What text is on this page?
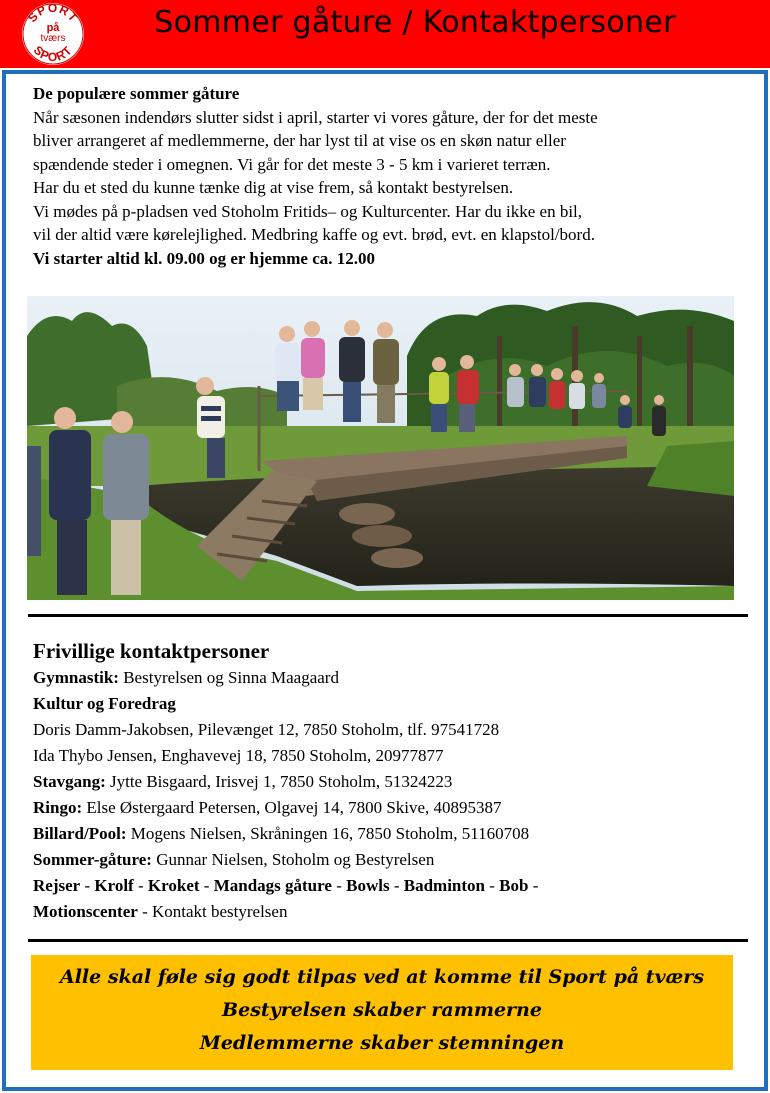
SPORT
SPORT
på
tværs	Sommer gåture / Kontaktpersoner

De populære sommer gåture

Når sæsonen indendørs slutter sidst i april, starter vi vores gåture, der for det meste

bliver arrangeret af medlemmerne, der har lyst til at vise os en skøn natur eller

spændende steder i omegnen. Vi går for det meste 3 - 5 km i varieret terræn.

Har du et sted du kunne tænke dig at vise frem, så kontakt bestyrelsen.

Vi mødes på p-pladsen ved Stoholm Fritids– og Kulturcenter. Har du ikke en bil,

vil der altid være kørelejlighed. Medbring kaffe og evt. brød, evt. en klapstol/bord.

Vi starter altid kl. 09.00 og er hjemme ca. 12.00

Frivillige kontaktpersoner

Gymnastik: Bestyrelsen og Sinna Maagaard

Kultur og Foredrag

Doris Damm-Jakobsen, Pilevænget 12, 7850 Stoholm, tlf. 97541728

Ida Thybo Jensen, Enghavevej 18, 7850 Stoholm, 20977877

Stavgang: Jytte Bisgaard, Irisvej 1, 7850 Stoholm, 51324223

Ringo: Else Østergaard Petersen, Olgavej 14, 7800 Skive, 40895387

Billard/Pool: Mogens Nielsen, Skråningen 16, 7850 Stoholm, 51160708

Sommer-gåture: Gunnar Nielsen, Stoholm og Bestyrelsen

Rejser - Krolf - Kroket - Mandags gåture - Bowls - Badminton - Bob -

Motionscenter - Kontakt bestyrelsen

Alle skal føle sig godt tilpas ved at komme til Sport på tværs

Bestyrelsen skaber rammerne

Medlemmerne skaber stemningen
